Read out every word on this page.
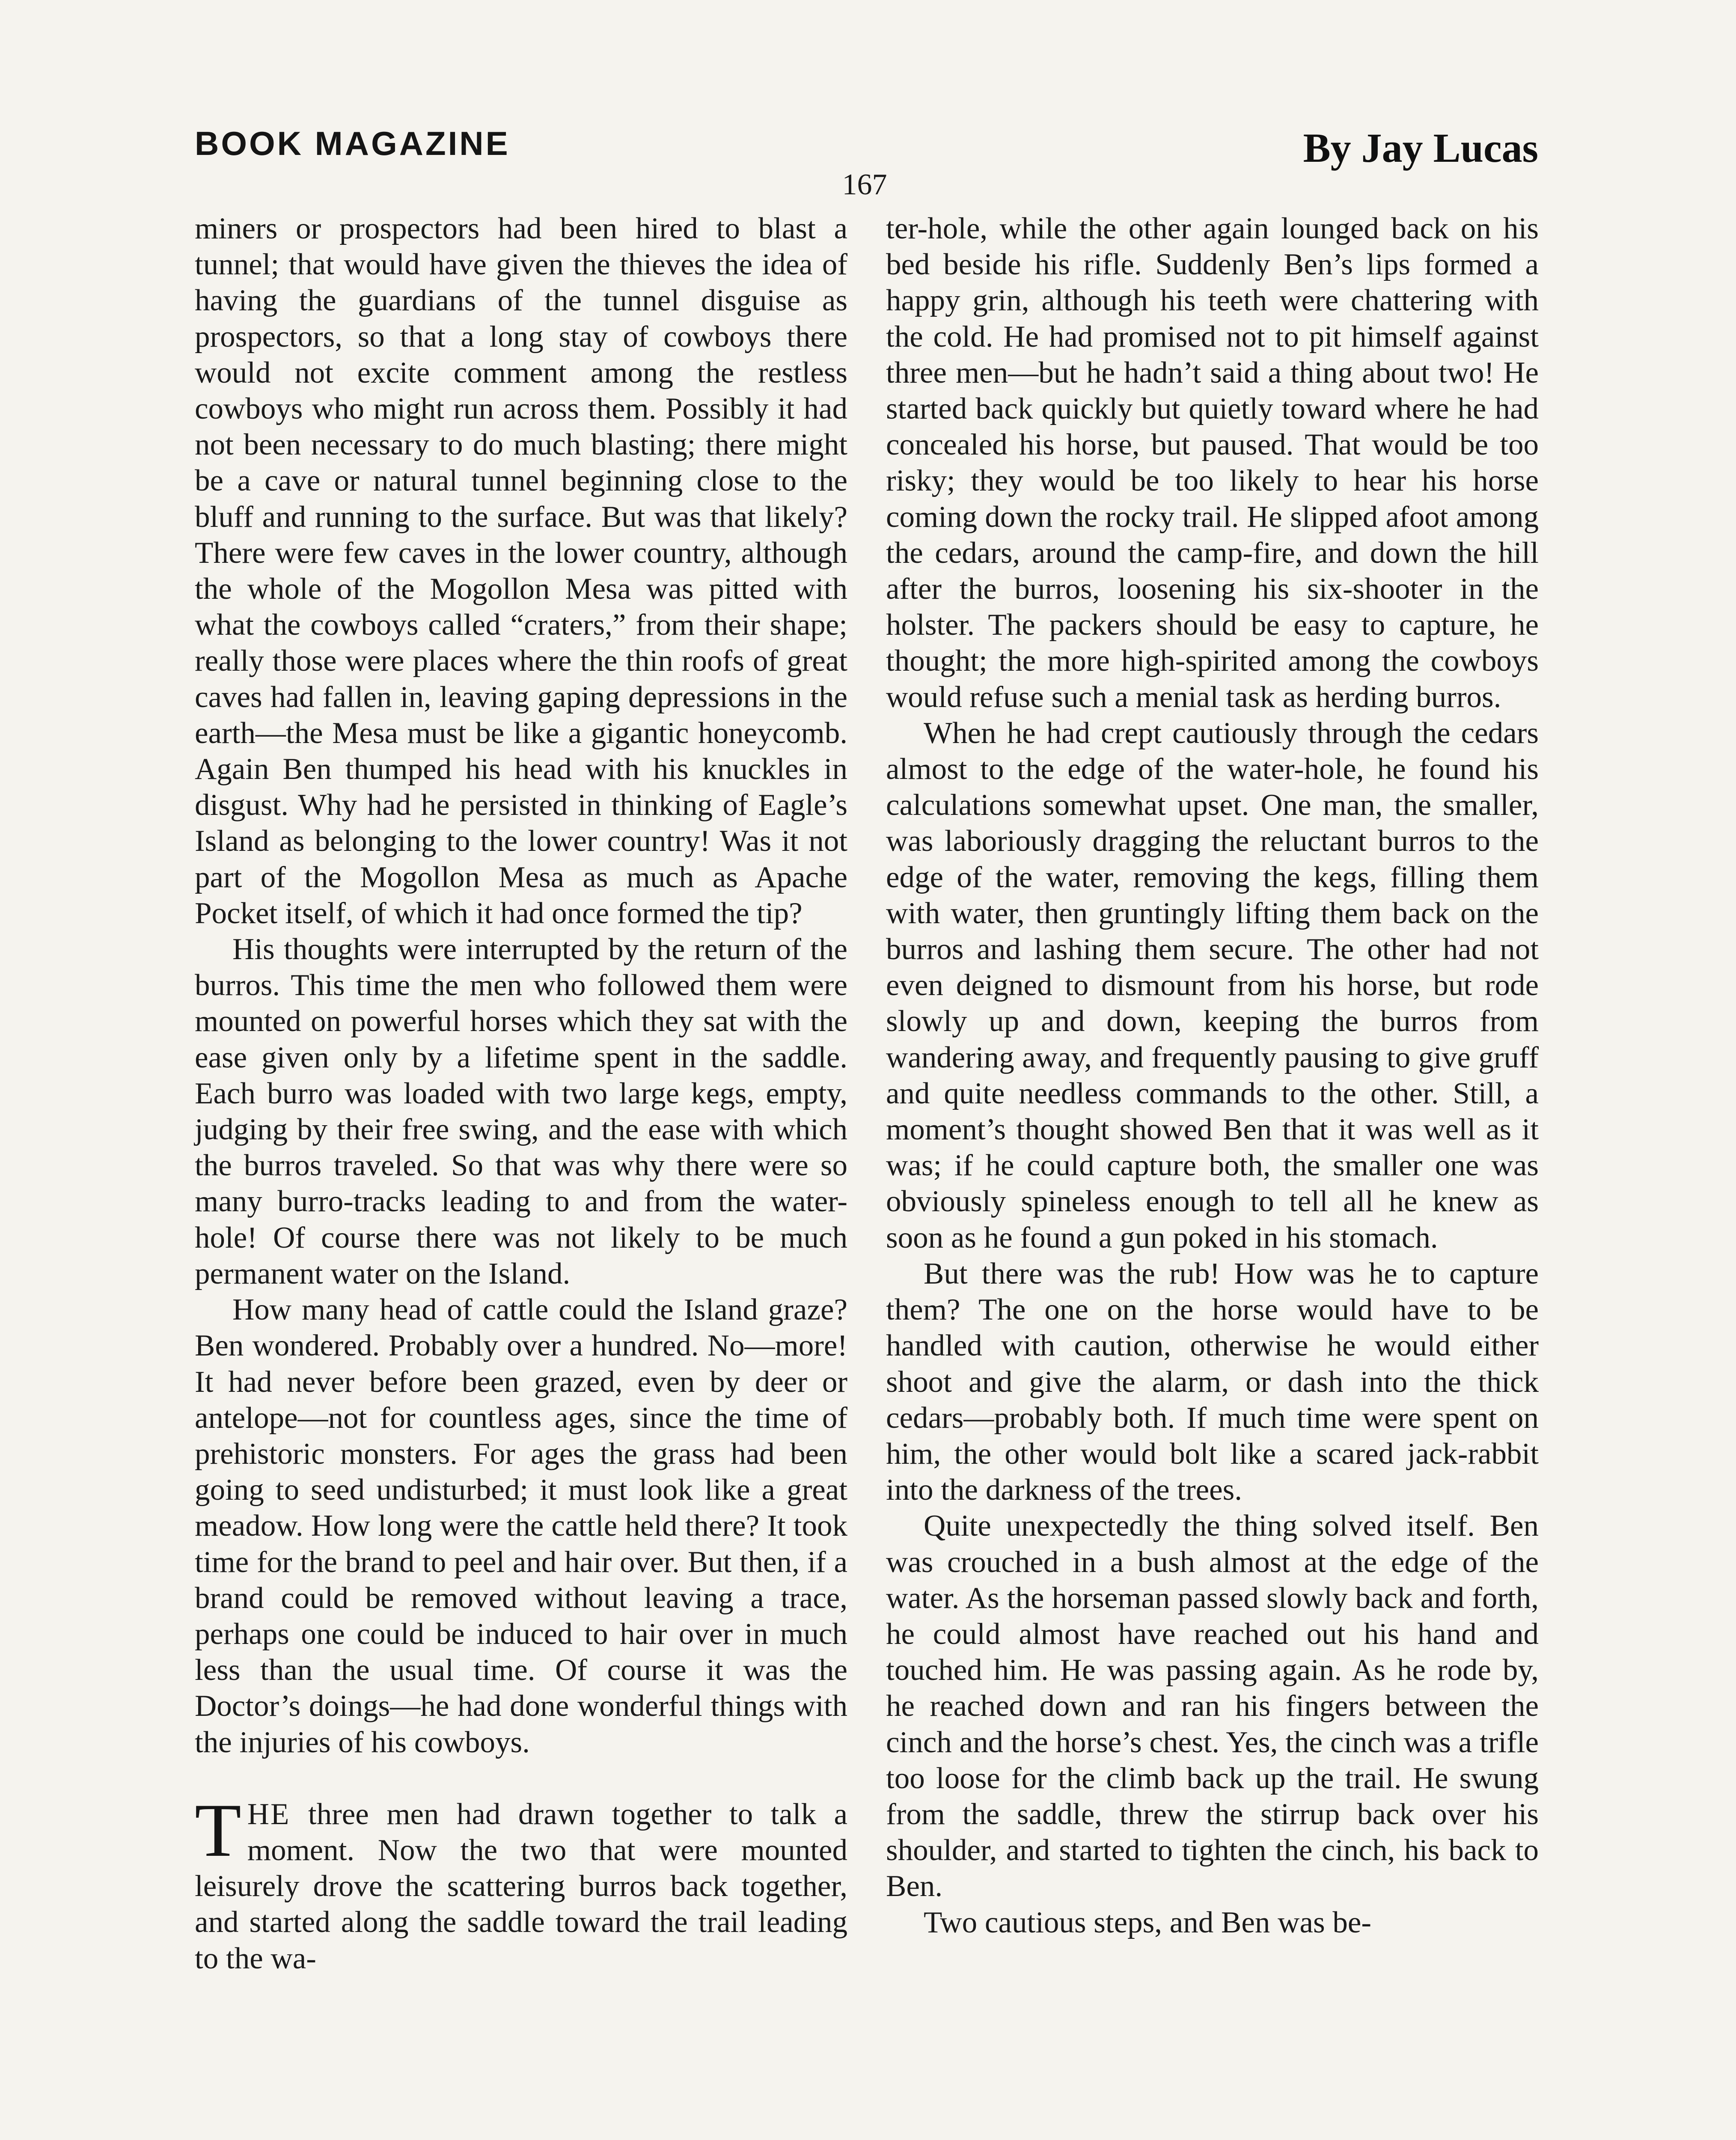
BOOK MAGAZINE	By Jay Lucas
167

miners or prospectors had been hired to blast a tunnel; that would have given the thieves the idea of having the guardians of the tunnel disguise as prospectors, so that a long stay of cowboys there would not excite comment among the restless cowboys who might run across them. Possibly it had not been necessary to do much blasting; there might be a cave or natural tunnel beginning close to the bluff and running to the surface. But was that likely? There were few caves in the lower country, although the whole of the Mogollon Mesa was pitted with what the cowboys called “craters,” from their shape; really those were places where the thin roofs of great caves had fallen in, leaving gaping depressions in the earth—the Mesa must be like a gigantic honeycomb. Again Ben thumped his head with his knuckles in disgust. Why had he persisted in thinking of Eagle’s Island as belonging to the lower country! Was it not part of the Mogollon Mesa as much as Apache Pocket itself, of which it had once formed the tip?

His thoughts were interrupted by the return of the burros. This time the men who followed them were mounted on powerful horses which they sat with the ease given only by a lifetime spent in the saddle. Each burro was loaded with two large kegs, empty, judging by their free swing, and the ease with which the burros traveled. So that was why there were so many burro-tracks leading to and from the water-hole! Of course there was not likely to be much permanent water on the Island.

How many head of cattle could the Island graze? Ben wondered. Probably over a hundred. No—more! It had never before been grazed, even by deer or antelope—not for countless ages, since the time of prehistoric monsters. For ages the grass had been going to seed undisturbed; it must look like a great meadow. How long were the cattle held there? It took time for the brand to peel and hair over. But then, if a brand could be removed without leaving a trace, perhaps one could be induced to hair over in much less than the usual time. Of course it was the Doctor’s doings—he had done wonderful things with the injuries of his cowboys.

THE three men had drawn together to talk a moment. Now the two that were mounted leisurely drove the scattering burros back together, and started along the saddle toward the trail leading to the wa-

ter-hole, while the other again lounged back on his bed beside his rifle. Suddenly Ben’s lips formed a happy grin, although his teeth were chattering with the cold. He had promised not to pit himself against three men—but he hadn’t said a thing about two! He started back quickly but quietly toward where he had concealed his horse, but paused. That would be too risky; they would be too likely to hear his horse coming down the rocky trail. He slipped afoot among the cedars, around the camp-fire, and down the hill after the burros, loosening his six-shooter in the holster. The packers should be easy to capture, he thought; the more high-spirited among the cowboys would refuse such a menial task as herding burros.

When he had crept cautiously through the cedars almost to the edge of the water-hole, he found his calculations somewhat upset. One man, the smaller, was laboriously dragging the reluctant burros to the edge of the water, removing the kegs, filling them with water, then gruntingly lifting them back on the burros and lashing them secure. The other had not even deigned to dismount from his horse, but rode slowly up and down, keeping the burros from wandering away, and frequently pausing to give gruff and quite needless commands to the other. Still, a moment’s thought showed Ben that it was well as it was; if he could capture both, the smaller one was obviously spineless enough to tell all he knew as soon as he found a gun poked in his stomach.

But there was the rub! How was he to capture them? The one on the horse would have to be handled with caution, otherwise he would either shoot and give the alarm, or dash into the thick cedars—probably both. If much time were spent on him, the other would bolt like a scared jack-rabbit into the darkness of the trees.

Quite unexpectedly the thing solved itself. Ben was crouched in a bush almost at the edge of the water. As the horseman passed slowly back and forth, he could almost have reached out his hand and touched him. He was passing again. As he rode by, he reached down and ran his fingers between the cinch and the horse’s chest. Yes, the cinch was a trifle too loose for the climb back up the trail. He swung from the saddle, threw the stirrup back over his shoulder, and started to tighten the cinch, his back to Ben.

Two cautious steps, and Ben was be-
